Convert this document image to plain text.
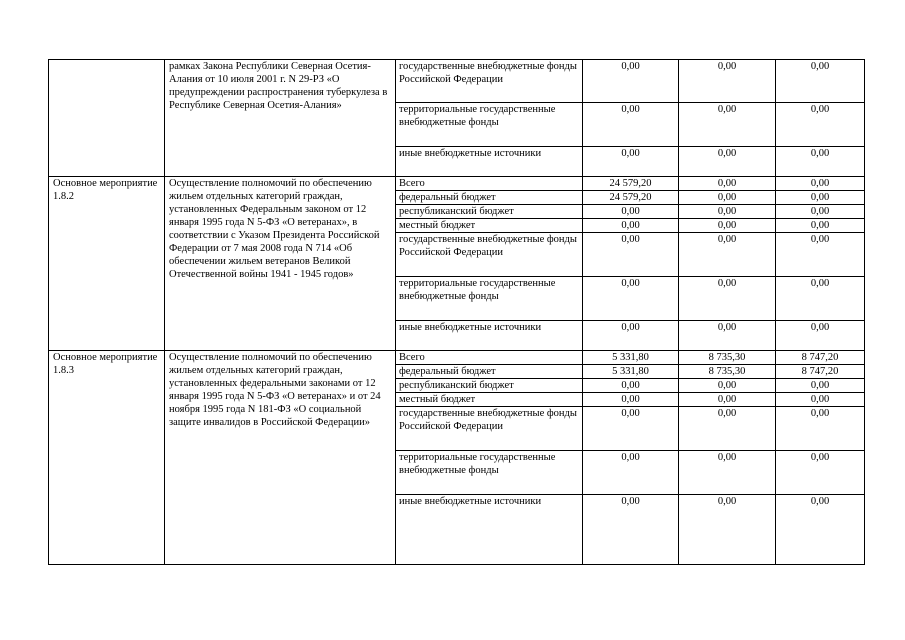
	рамках Закона Республики Северная Осетия-Алания от 10 июля 2001 г. N 29-РЗ «О предупреждении распространения туберкулеза в Республике Северная Осетия-Алания»	государственные внебюджетные фонды Российской Федерации	0,00	0,00	0,00
		территориальные государственные внебюджетные фонды	0,00	0,00	0,00
		иные внебюджетные источники	0,00	0,00	0,00
Основное мероприятие 1.8.2	Осуществление полномочий по обеспечению жильем отдельных категорий граждан, установленных Федеральным законом от 12 января 1995 года N 5-ФЗ «О ветеранах», в соответствии с Указом Президента Российской Федерации от 7 мая 2008 года N 714 «Об обеспечении жильем ветеранов Великой Отечественной войны 1941 - 1945 годов»	Всего	24 579,20	0,00	0,00
		федеральный бюджет	24 579,20	0,00	0,00
		республиканский бюджет	0,00	0,00	0,00
		местный бюджет	0,00	0,00	0,00
		государственные внебюджетные фонды Российской Федерации	0,00	0,00	0,00
		территориальные государственные внебюджетные фонды	0,00	0,00	0,00
		иные внебюджетные источники	0,00	0,00	0,00
Основное мероприятие 1.8.3	Осуществление полномочий по обеспечению жильем отдельных категорий граждан, установленных федеральными законами от 12 января 1995 года N 5-ФЗ «О ветеранах» и от 24 ноября 1995 года N 181-ФЗ «О социальной защите инвалидов в Российской Федерации»	Всего	5 331,80	8 735,30	8 747,20
		федеральный бюджет	5 331,80	8 735,30	8 747,20
		республиканский бюджет	0,00	0,00	0,00
		местный бюджет	0,00	0,00	0,00
		государственные внебюджетные фонды Российской Федерации	0,00	0,00	0,00
		территориальные государственные внебюджетные фонды	0,00	0,00	0,00
		иные внебюджетные источники	0,00	0,00	0,00
